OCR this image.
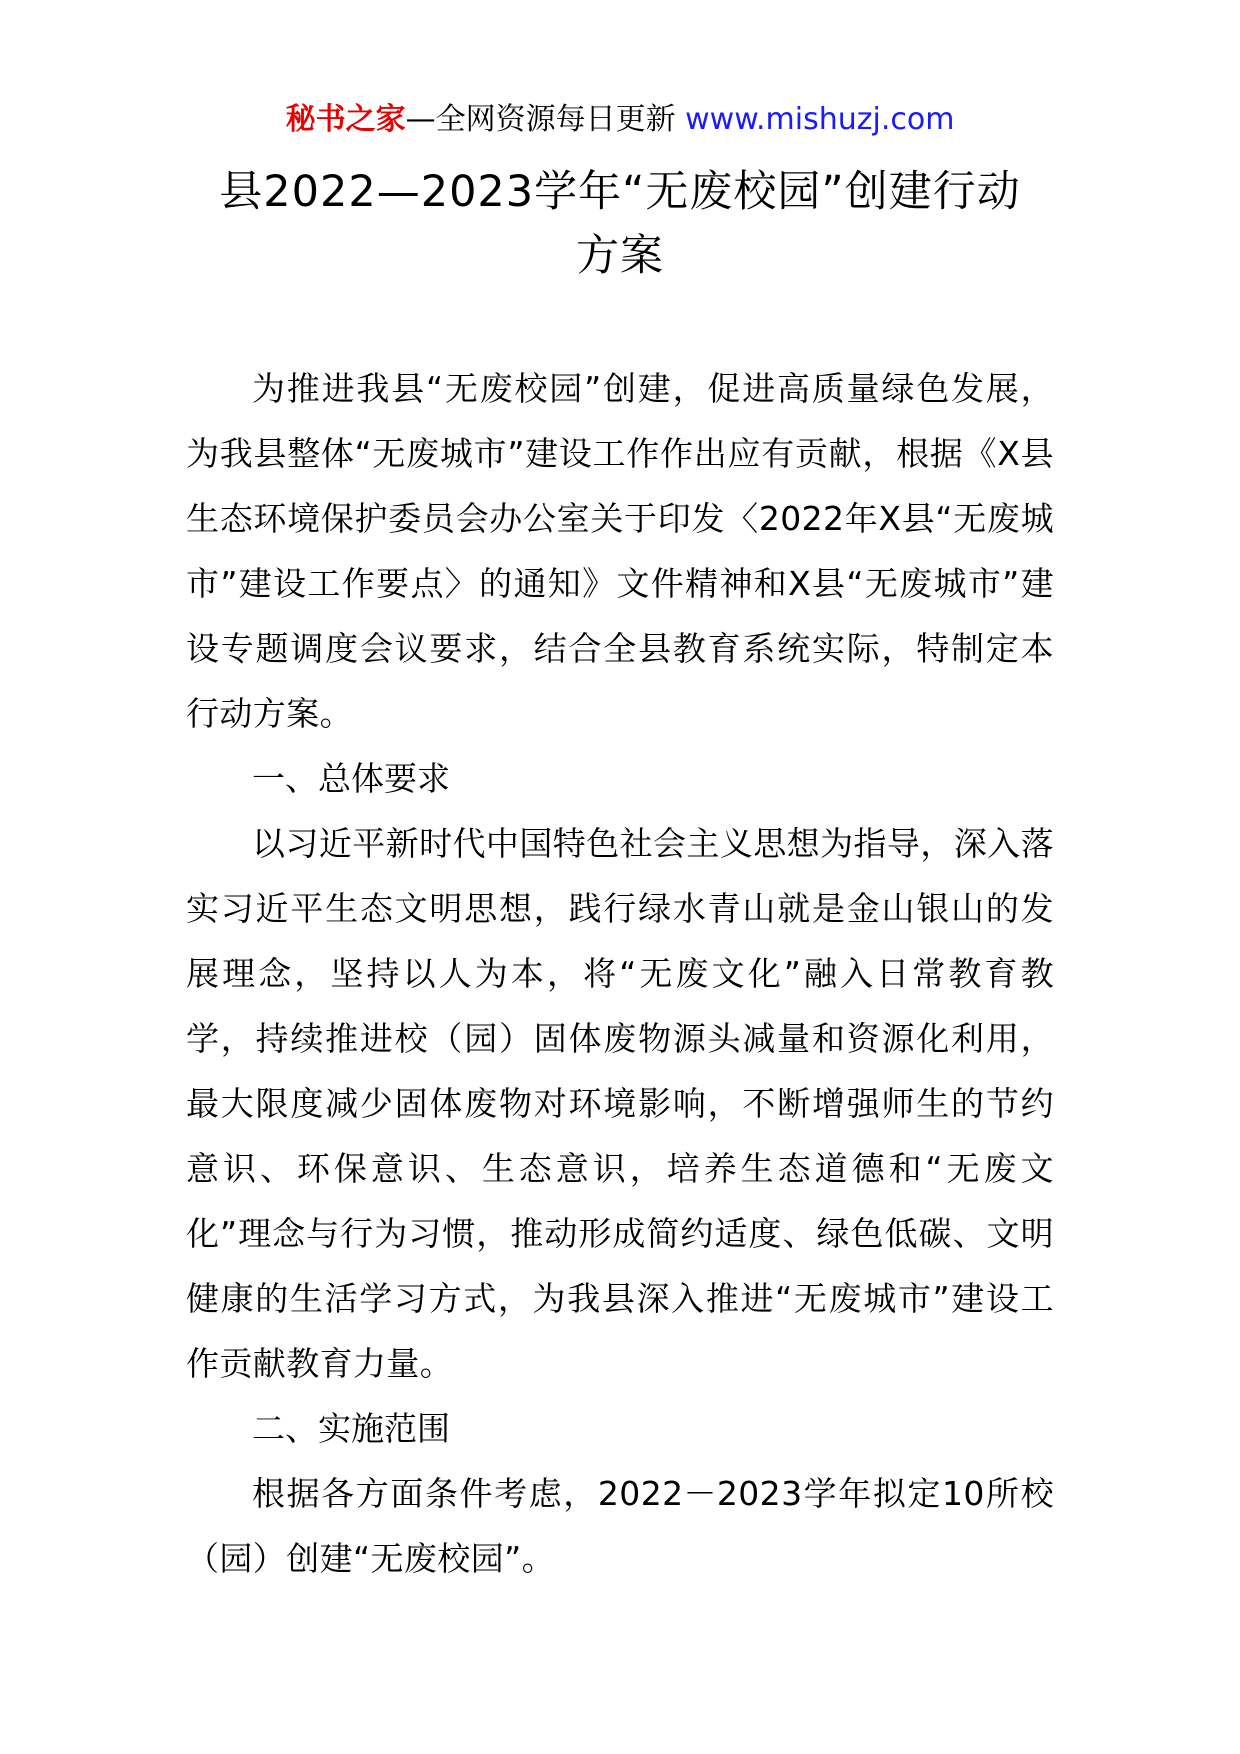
秘书之家—全网资源每日更新 www.mishuzj.com
县2022—2023学年“无废校园”创建行动
方案

为推进我县“无废校园”创建，促进高质量绿色发展，为我县整体“无废城市”建设工作作出应有贡献，根据《X县生态环境保护委员会办公室关于印发〈2022年X县“无废城市”建设工作要点〉的通知》文件精神和X县“无废城市”建设专题调度会议要求，结合全县教育系统实际，特制定本行动方案。

一、总体要求

以习近平新时代中国特色社会主义思想为指导，深入落实习近平生态文明思想，践行绿水青山就是金山银山的发展理念，坚持以人为本，将“无废文化”融入日常教育教学，持续推进校（园）固体废物源头减量和资源化利用，最大限度减少固体废物对环境影响，不断增强师生的节约意识、环保意识、生态意识，培养生态道德和“无废文化”理念与行为习惯，推动形成简约适度、绿色低碳、文明健康的生活学习方式，为我县深入推进“无废城市”建设工作贡献教育力量。

二、实施范围

根据各方面条件考虑，2022－2023学年拟定10所校（园）创建“无废校园”。
